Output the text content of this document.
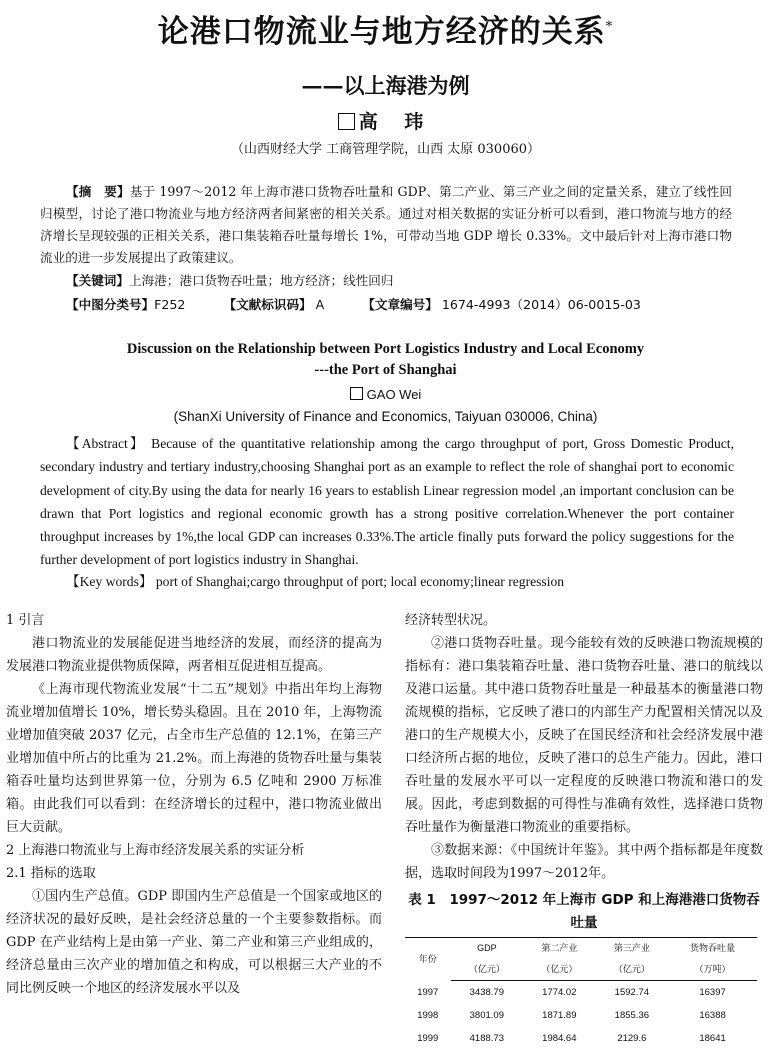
论港口物流业与地方经济的关系*
——以上海港为例
高 玮
（山西财经大学 工商管理学院，山西 太原 030060）
【摘　要】基于 1997～2012 年上海市港口货物吞吐量和 GDP、第二产业、第三产业之间的定量关系，建立了线性回归模型，讨论了港口物流业与地方经济两者间紧密的相关关系。通过对相关数据的实证分析可以看到，港口物流与地方的经济增长呈现较强的正相关关系，港口集装箱吞吐量每增长 1%，可带动当地 GDP 增长 0.33%。文中最后针对上海市港口物流业的进一步发展提出了政策建议。
【关键词】上海港；港口货物吞吐量；地方经济；线性回归
【中图分类号】F252	【文献标识码】 A	【文章编号】 1674-4993（2014）06-0015-03
Discussion on the Relationship between Port Logistics Industry and Local Economy
---the Port of Shanghai
GAO Wei
(ShanXi University of Finance and Economics, Taiyuan 030006, China)
【Abstract】 Because of the quantitative relationship among the cargo throughput of port, Gross Domestic Product, secondary industry and tertiary industry,choosing Shanghai port as an example to reflect the role of shanghai port to economic development of city.By using the data for nearly 16 years to establish Linear regression model ,an important conclusion can be drawn that Port logistics and regional economic growth has a strong positive correlation.Whenever the port container throughput increases by 1%,the local GDP can increases 0.33%.The article finally puts forward the policy suggestions for the further development of port logistics industry in Shanghai.
【Key words】 port of Shanghai;cargo throughput of port; local economy;linear regression
1 引言

港口物流业的发展能促进当地经济的发展，而经济的提高为发展港口物流业提供物质保障，两者相互促进相互提高。

《上海市现代物流业发展“十二五”规划》中指出年均上海物流业增加值增长 10%，增长势头稳固。且在 2010 年，上海物流业增加值突破 2037 亿元，占全市生产总值的 12.1%，在第三产业增加值中所占的比重为 21.2%。而上海港的货物吞吐量与集装箱吞吐量均达到世界第一位，分别为 6.5 亿吨和 2900 万标准箱。由此我们可以看到：在经济增长的过程中，港口物流业做出巨大贡献。

2 上海港口物流业与上海市经济发展关系的实证分析
2.1 指标的选取

①国内生产总值。GDP 即国内生产总值是一个国家或地区的经济状况的最好反映，是社会经济总量的一个主要参数指标。而 GDP 在产业结构上是由第一产业、第二产业和第三产业组成的，经济总量由三次产业的增加值之和构成，可以根据三大产业的不同比例反映一个地区的经济发展水平以及

经济转型状况。

②港口货物吞吐量。现今能较有效的反映港口物流规模的指标有：港口集装箱吞吐量、港口货物吞吐量、港口的航线以及港口运量。其中港口货物吞吐量是一种最基本的衡量港口物流规模的指标，它反映了港口的内部生产力配置相关情况以及港口的生产规模大小，反映了在国民经济和社会经济发展中港口经济所占据的地位，反映了港口的总生产能力。因此，港口吞吐量的发展水平可以一定程度的反映港口物流和港口的发展。因此，考虑到数据的可得性与准确有效性，选择港口货物吞吐量作为衡量港口物流业的重要指标。

③数据来源：《中国统计年鉴》。其中两个指标都是年度数据，选取时间段为1997～2012年。

表 1　1997～2012 年上海市 GDP 和上海港港口货物吞吐量
年份	GDP	第二产业	第三产业	货物吞吐量
	（亿元）	（亿元）	（亿元）	（万吨）
1997	3438.79	1774.02	1592.74	16397
1998	3801.09	1871.89	1855.36	16388
1999	4188.73	1984.64	2129.6	18641
